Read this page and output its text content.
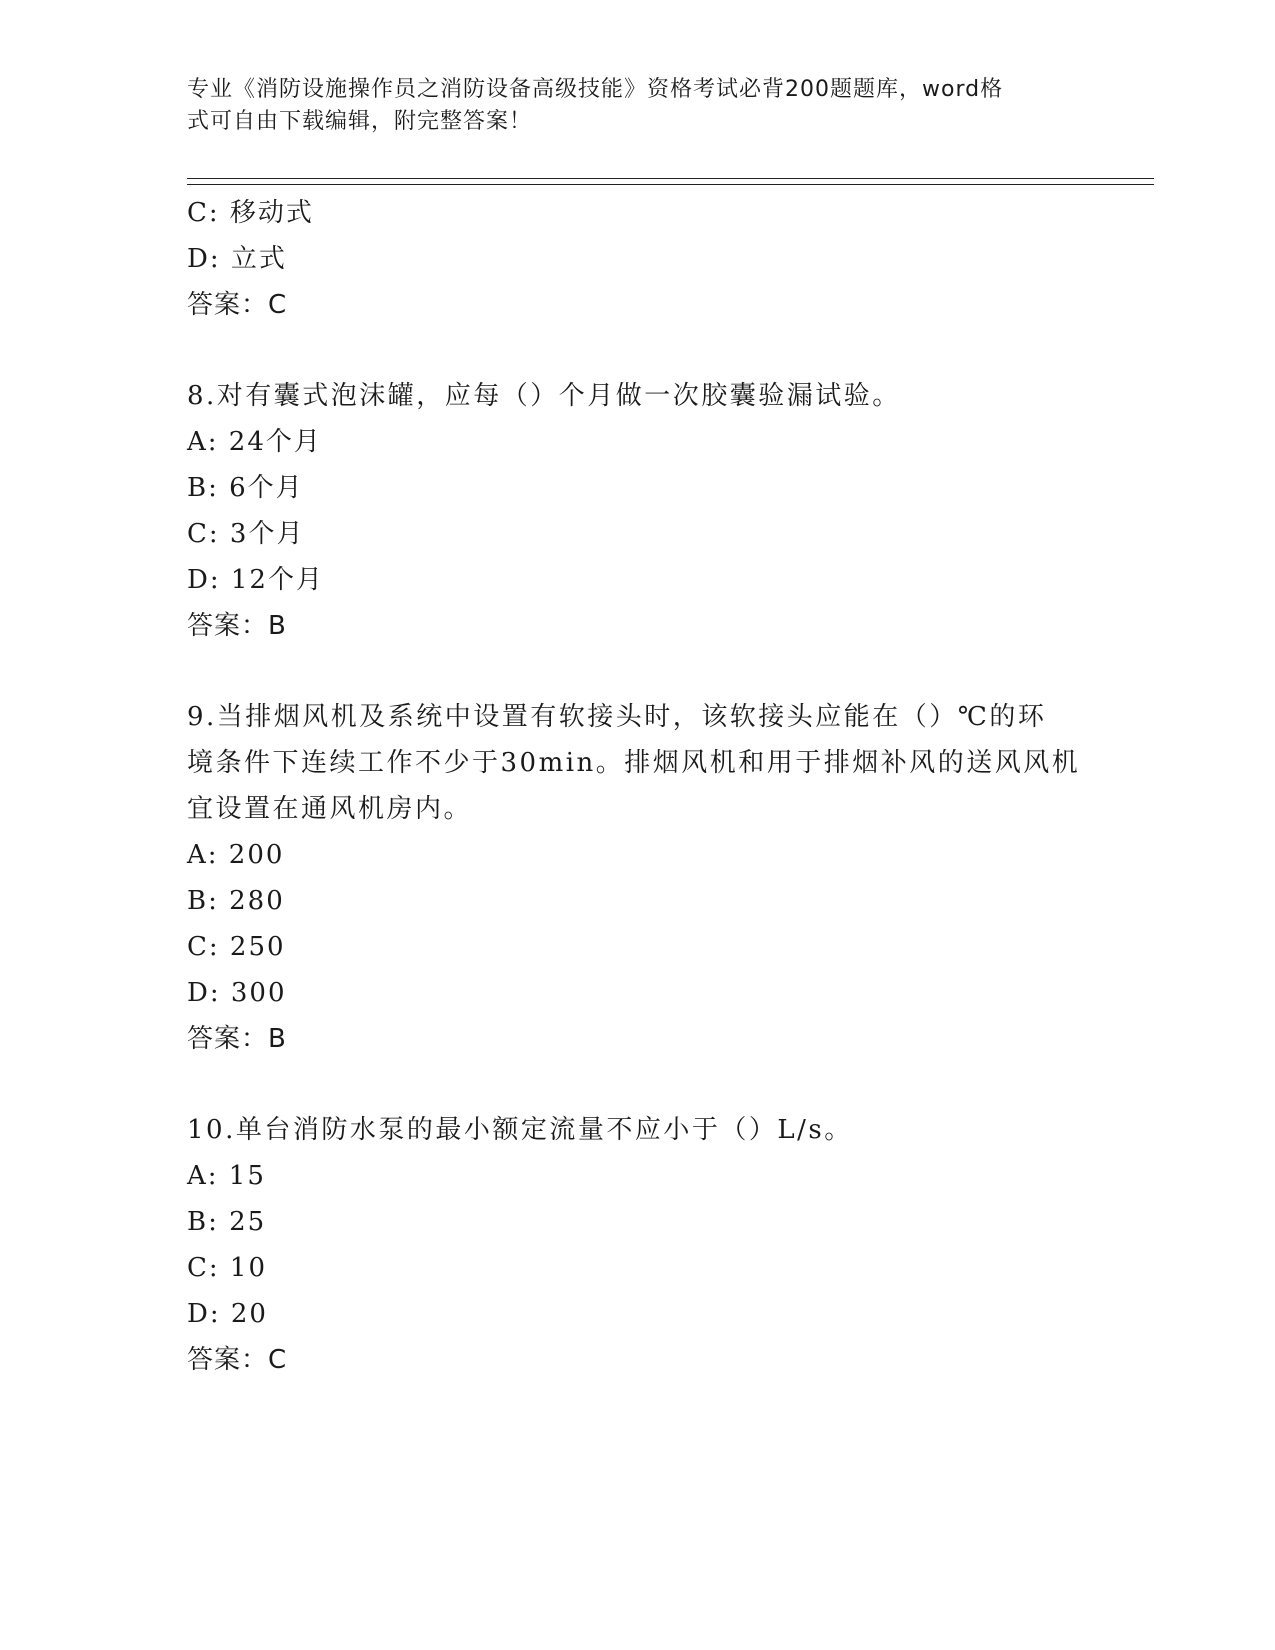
专业《消防设施操作员之消防设备高级技能》资格考试必背200题题库，word格
式可自由下载编辑，附完整答案！
C: 移动式
D: 立式
答案：C
8.对有囊式泡沫罐，应每（）个月做一次胶囊验漏试验。
A: 24个月
B: 6个月
C: 3个月
D: 12个月
答案：B
9.当排烟风机及系统中设置有软接头时，该软接头应能在（）℃的环
境条件下连续工作不少于30min。排烟风机和用于排烟补风的送风风机
宜设置在通风机房内。
A: 200
B: 280
C: 250
D: 300
答案：B
10.单台消防水泵的最小额定流量不应小于（）L/s。
A: 15
B: 25
C: 10
D: 20
答案：C
